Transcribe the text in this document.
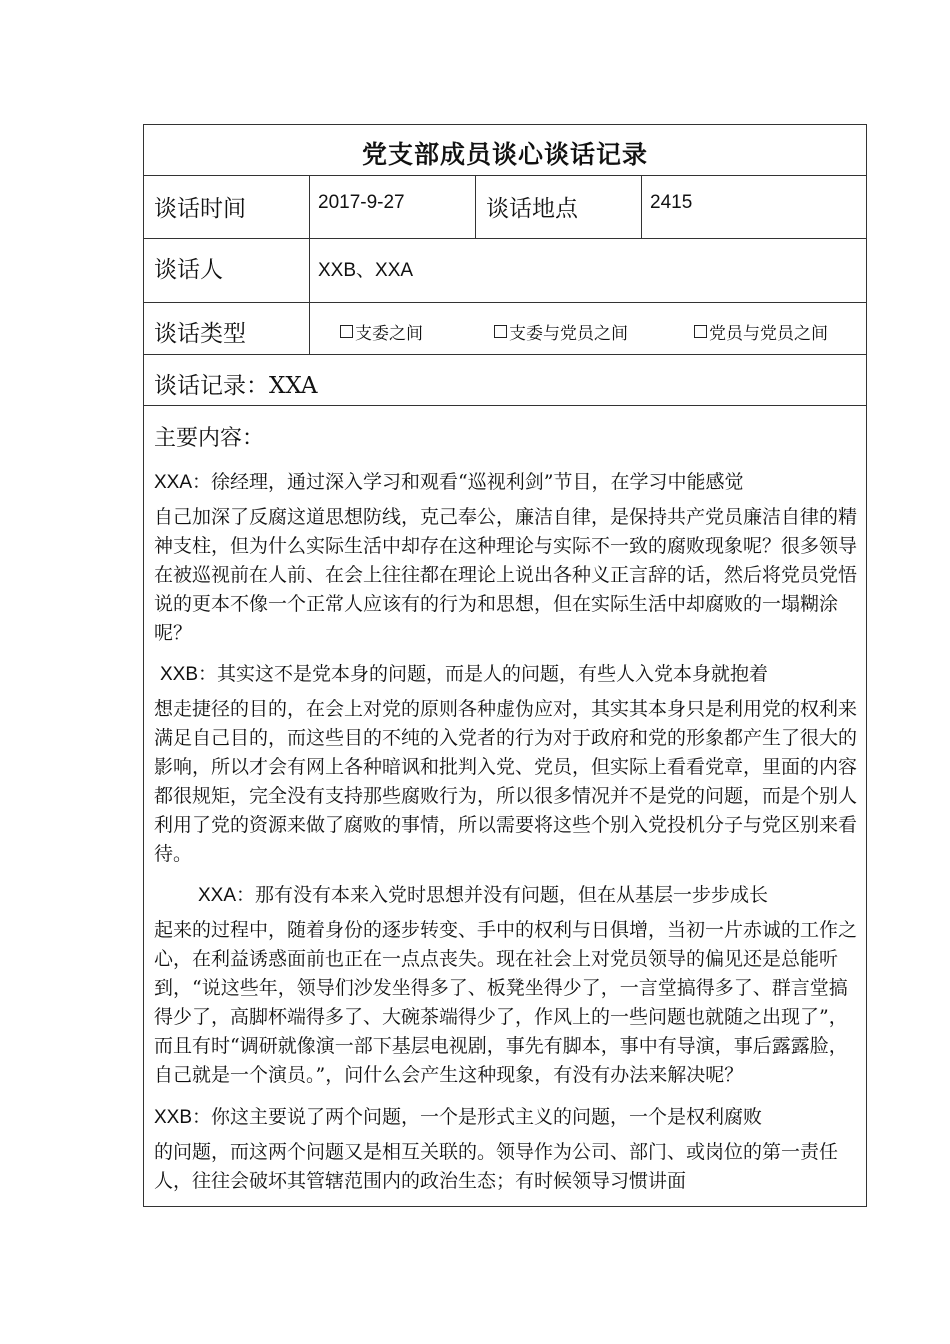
党支部成员谈心谈话记录
谈话时间	2017-9-27	谈话地点	2415
谈话人	XXB、XXA
谈话类型	支委之间	支委与党员之间	党员与党员之间
谈话记录：XXA
主要内容：

XXA：徐经理，通过深入学习和观看“巡视利剑”节目，在学习中能感觉
自己加深了反腐这道思想防线，克己奉公，廉洁自律，是保持共产党员廉洁自律的精神支柱，但为什么实际生活中却存在这种理论与实际不一致的腐败现象呢？很多领导在被巡视前在人前、在会上往往都在理论上说出各种义正言辞的话，然后将党员党悟说的更本不像一个正常人应该有的行为和思想，但在实际生活中却腐败的一塌糊涂呢？

XXB：其实这不是党本身的问题，而是人的问题，有些人入党本身就抱着
想走捷径的目的，在会上对党的原则各种虚伪应对，其实其本身只是利用党的权利来满足自己目的，而这些目的不纯的入党者的行为对于政府和党的形象都产生了很大的影响，所以才会有网上各种暗讽和批判入党、党员，但实际上看看党章，里面的内容都很规矩，完全没有支持那些腐败行为，所以很多情况并不是党的问题，而是个别人利用了党的资源来做了腐败的事情，所以需要将这些个别入党投机分子与党区别来看待。

XXA：那有没有本来入党时思想并没有问题，但在从基层一步步成长
起来的过程中，随着身份的逐步转变、手中的权利与日俱增，当初一片赤诚的工作之心，在利益诱惑面前也正在一点点丧失。现在社会上对党员领导的偏见还是总能听到，“说这些年，领导们沙发坐得多了、板凳坐得少了，一言堂搞得多了、群言堂搞得少了，高脚杯端得多了、大碗茶端得少了，作风上的一些问题也就随之出现了”，而且有时“调研就像演一部下基层电视剧，事先有脚本，事中有导演，事后露露脸，自己就是一个演员。”，问什么会产生这种现象，有没有办法来解决呢？

XXB：你这主要说了两个问题，一个是形式主义的问题，一个是权利腐败
的问题，而这两个问题又是相互关联的。领导作为公司、部门、或岗位的第一责任人，往往会破坏其管辖范围内的政治生态；有时候领导习惯讲面
